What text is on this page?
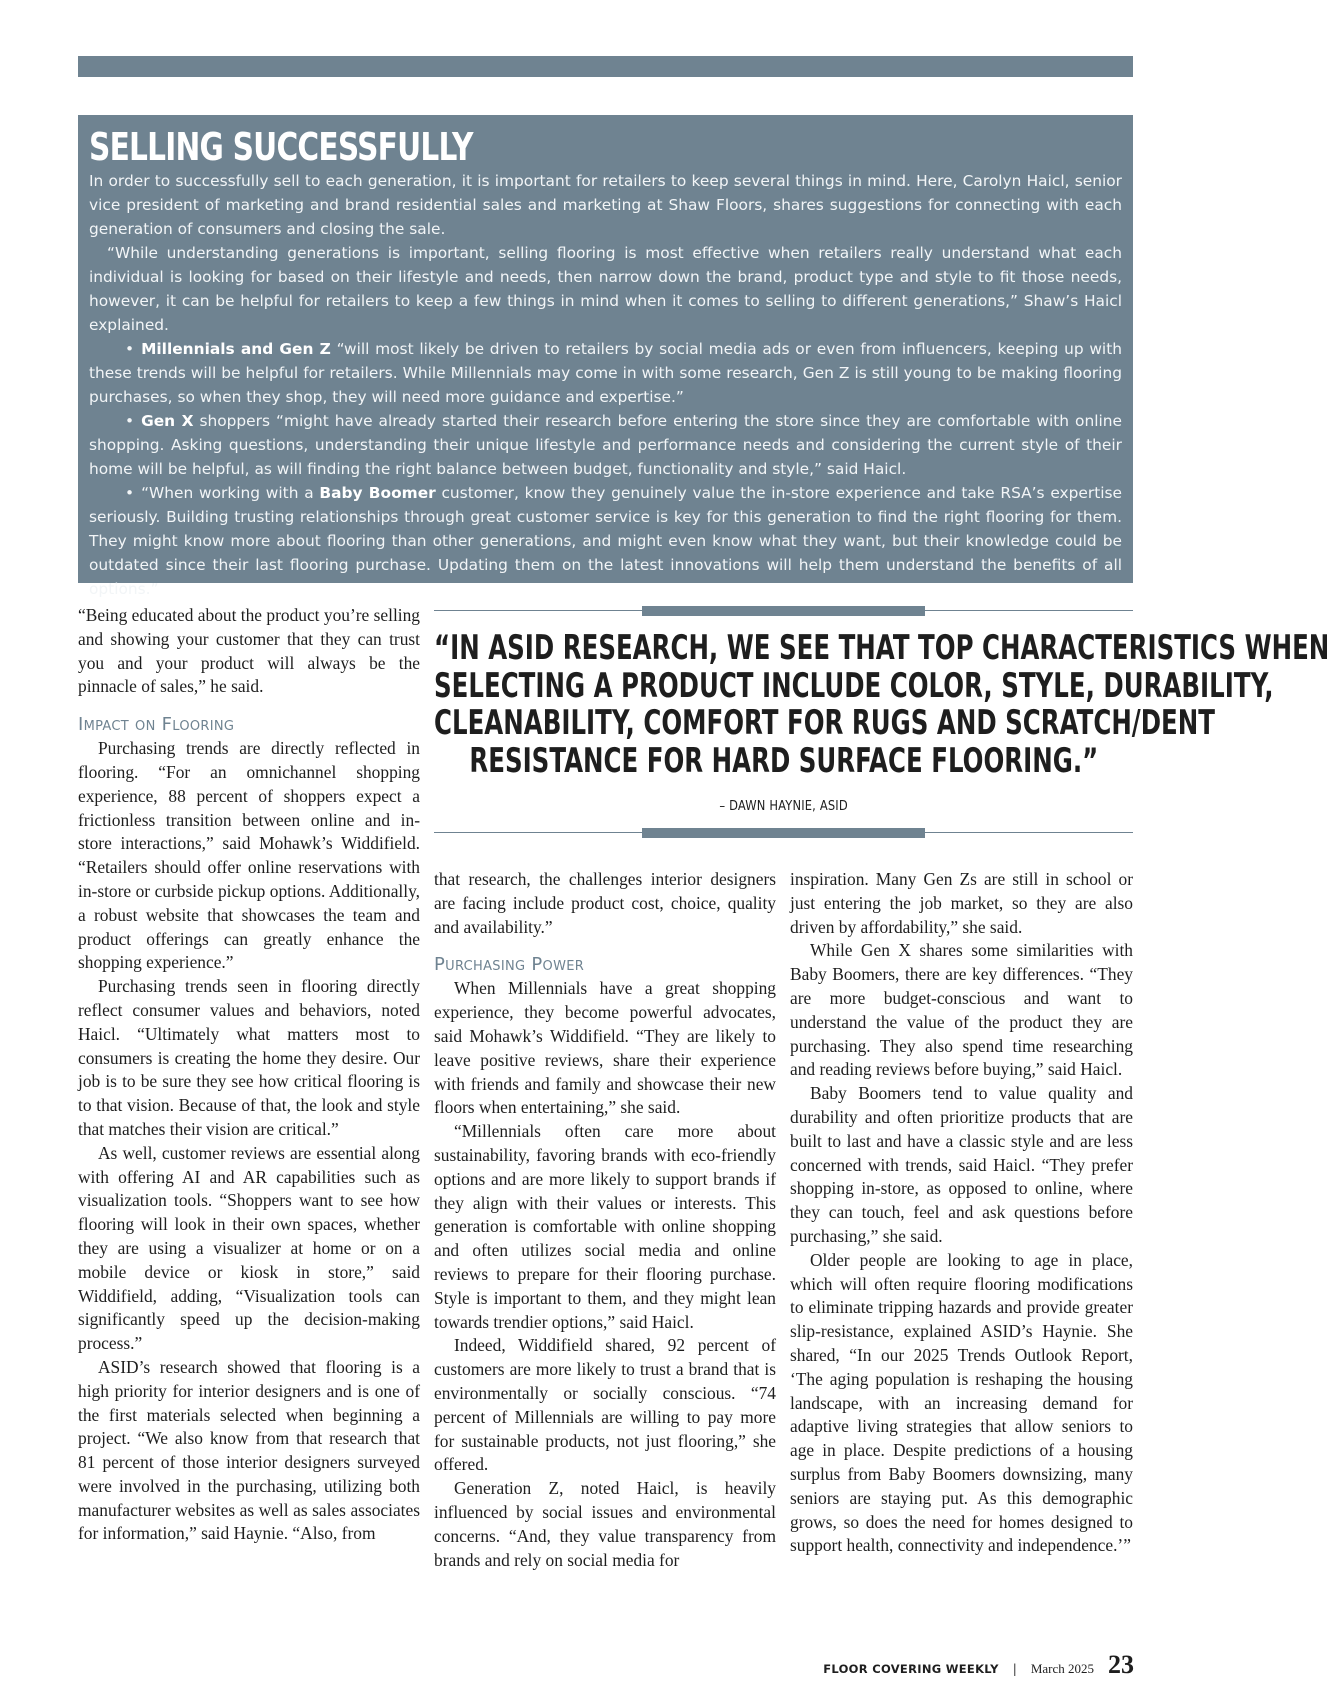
SELLING SUCCESSFULLY

In order to successfully sell to each generation, it is important for retailers to keep several things in mind. Here, Carolyn Haicl, senior vice president of marketing and brand residential sales and marketing at Shaw Floors, shares suggestions for connecting with each generation of consumers and closing the sale.

“While understanding generations is important, selling flooring is most effective when retailers really understand what each individual is looking for based on their lifestyle and needs, then narrow down the brand, product type and style to fit those needs, however, it can be helpful for retailers to keep a few things in mind when it comes to selling to different generations,” Shaw’s Haicl explained.

• Millennials and Gen Z “will most likely be driven to retailers by social media ads or even from influencers, keeping up with these trends will be helpful for retailers. While Millennials may come in with some research, Gen Z is still young to be making flooring purchases, so when they shop, they will need more guidance and expertise.”

• Gen X shoppers “might have already started their research before entering the store since they are comfortable with online shopping. Asking questions, understanding their unique lifestyle and performance needs and considering the current style of their home will be helpful, as will finding the right balance between budget, functionality and style,” said Haicl.

• “When working with a Baby Boomer customer, know they genuinely value the in-store experience and take RSA’s expertise seriously. Building trusting relationships through great customer service is key for this generation to find the right flooring for them. They might know more about flooring than other generations, and might even know what they want, but their knowledge could be outdated since their last flooring purchase. Updating them on the latest innovations will help them understand the benefits of all options.”

“Being educated about the product you’re selling and showing your customer that they can trust you and your product will always be the pinnacle of sales,” he said.

Impact on Flooring

Purchasing trends are directly reflected in flooring. “For an omnichannel shopping experience, 88 percent of shoppers expect a frictionless transition between online and in-store interactions,” said Mohawk’s Widdifield. “Retailers should offer online reservations with in-store or curbside pickup options. Additionally, a robust website that showcases the team and product offerings can greatly enhance the shopping experience.”

Purchasing trends seen in flooring directly reflect consumer values and behaviors, noted Haicl. “Ultimately what matters most to consumers is creating the home they desire. Our job is to be sure they see how critical flooring is to that vision. Because of that, the look and style that matches their vision are critical.”

As well, customer reviews are essential along with offering AI and AR capabilities such as visualization tools. “Shoppers want to see how flooring will look in their own spaces, whether they are using a visualizer at home or on a mobile device or kiosk in store,” said Widdifield, adding, “Visualization tools can significantly speed up the decision-making process.”

ASID’s research showed that flooring is a high priority for interior designers and is one of the first materials selected when beginning a project. “We also know from that research that 81 percent of those interior designers surveyed were involved in the purchasing, utilizing both manufacturer websites as well as sales associates for information,” said Haynie. “Also, from

“IN ASID RESEARCH, WE SEE THAT TOP CHARACTERISTICS WHEN
SELECTING A PRODUCT INCLUDE COLOR, STYLE, DURABILITY,
CLEANABILITY, COMFORT FOR RUGS AND SCRATCH/DENT
RESISTANCE FOR HARD SURFACE FLOORING.”
– DAWN HAYNIE, ASID

that research, the challenges interior designers are facing include product cost, choice, quality and availability.”

Purchasing Power

When Millennials have a great shopping experience, they become powerful advocates, said Mohawk’s Widdifield. “They are likely to leave positive reviews, share their experience with friends and family and showcase their new floors when entertaining,” she said.

“Millennials often care more about sustainability, favoring brands with eco-friendly options and are more likely to support brands if they align with their values or interests. This generation is comfortable with online shopping and often utilizes social media and online reviews to prepare for their flooring purchase. Style is important to them, and they might lean towards trendier options,” said Haicl.

Indeed, Widdifield shared, 92 percent of customers are more likely to trust a brand that is environmentally or socially conscious. “74 percent of Millennials are willing to pay more for sustainable products, not just flooring,” she offered.

Generation Z, noted Haicl, is heavily influenced by social issues and environmental concerns. “And, they value transparency from brands and rely on social media for

inspiration. Many Gen Zs are still in school or just entering the job market, so they are also driven by affordability,” she said.

While Gen X shares some similarities with Baby Boomers, there are key differences. “They are more budget-conscious and want to understand the value of the product they are purchasing. They also spend time researching and reading reviews before buying,” said Haicl.

Baby Boomers tend to value quality and durability and often prioritize products that are built to last and have a classic style and are less concerned with trends, said Haicl. “They prefer shopping in-store, as opposed to online, where they can touch, feel and ask questions before purchasing,” she said.

Older people are looking to age in place, which will often require flooring modifications to eliminate tripping hazards and provide greater slip-resistance, explained ASID’s Haynie. She shared, “In our 2025 Trends Outlook Report, ‘The aging population is reshaping the housing landscape, with an increasing demand for adaptive living strategies that allow seniors to age in place. Despite predictions of a housing surplus from Baby Boomers downsizing, many seniors are staying put. As this demographic grows, so does the need for homes designed to support health, connectivity and independence.’”

FLOOR COVERING WEEKLY | March 2025 23
